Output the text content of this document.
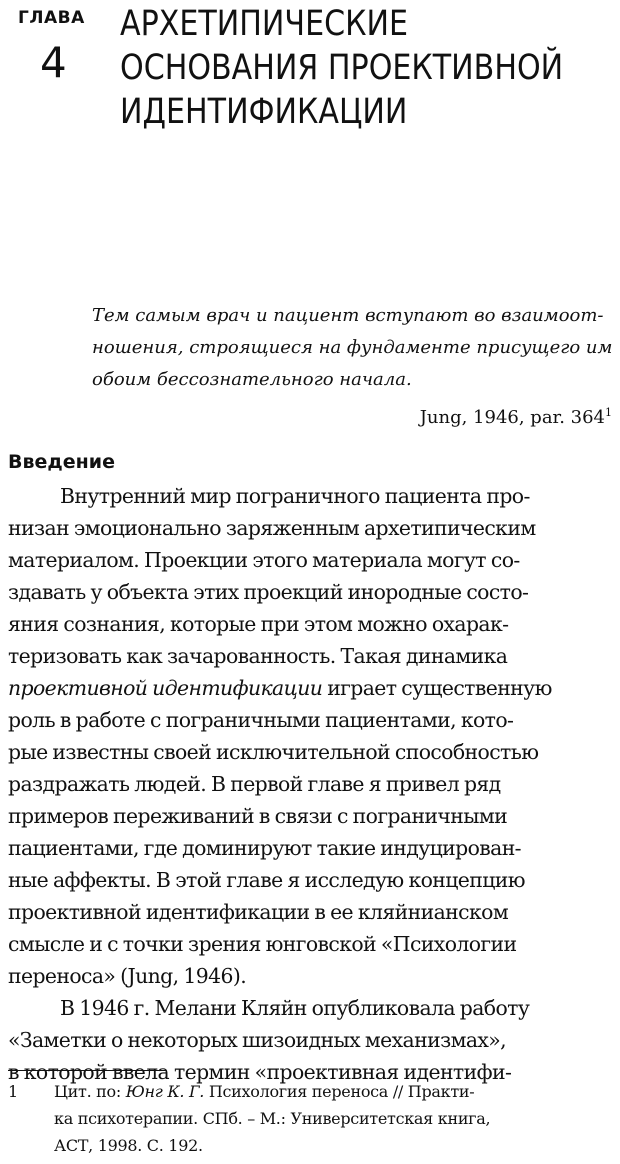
ГЛАВА
4
АРХЕТИПИЧЕСКИЕ
ОСНОВАНИЯ ПРОЕКТИВНОЙ
ИДЕНТИФИКАЦИИ
Тем самым врач и пациент вступают во взаимоот-
ношения, строящиеся на фундаменте присущего им
обоим бессознательного начала.
Jung, 1946, par. $364^1$
Введение
Внутренний мир пограничного пациента про-
низан эмоционально заряженным архетипическим
материалом. Проекции этого материала могут со-
здавать у объекта этих проекций инородные состо-
яния сознания, которые при этом можно охарак-
теризовать как зачарованность. Такая динамика
проективной идентификации играет существенную
роль в работе с пограничными пациентами, кото-
рые известны своей исключительной способностью
раздражать людей. В первой главе я привел ряд
примеров переживаний в связи с пограничными
пациентами, где доминируют такие индуцирован-
ные аффекты. В этой главе я исследую концепцию
проективной идентификации в ее кляйнианском
смысле и с точки зрения юнговской «Психологии
переноса» (Jung, 1946).
В 1946 г. Мелани Кляйн опубликовала работу
«Заметки о некоторых шизоидных механизмах»,
в которой ввела термин «проективная идентифи-
1 Цит. по: Юнг К. Г. Психология переноса // Практи-
ка психотерапии. СПб. – М.: Университетская книга,
АСТ, 1998. С. 192.
